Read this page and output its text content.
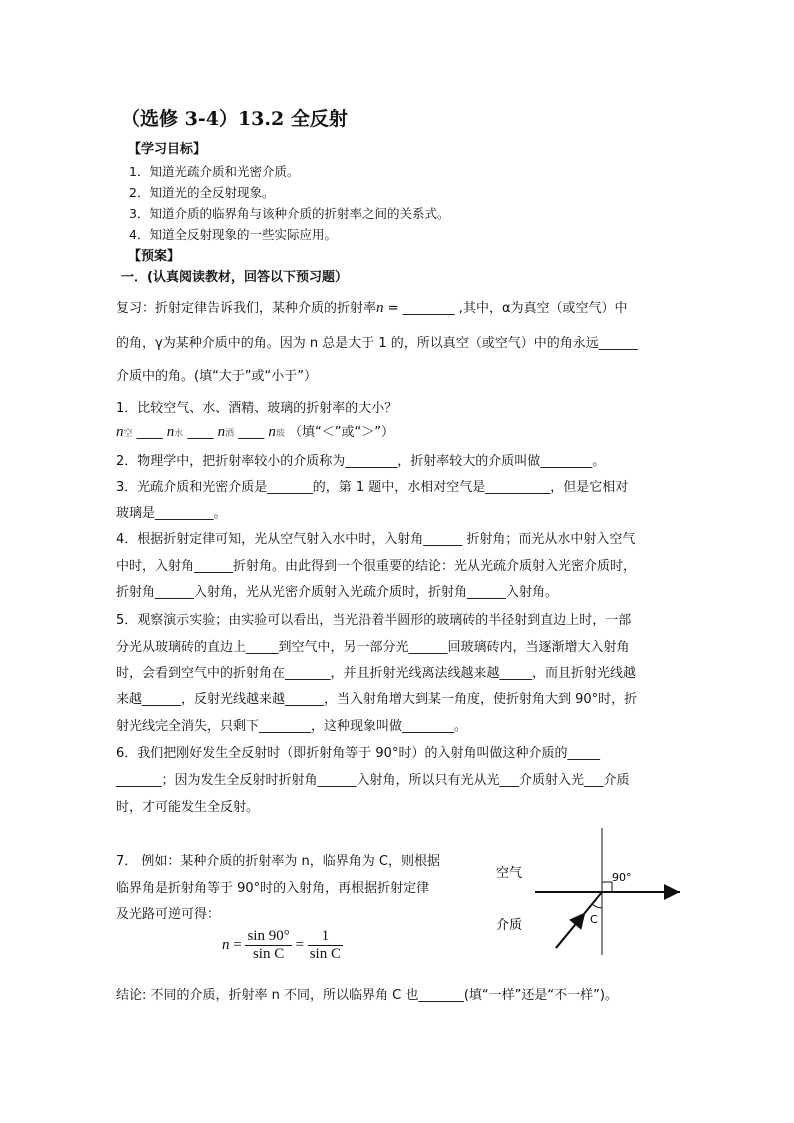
（选修 3-4）13.2 全反射
【学习目标】
1．知道光疏介质和光密介质。
2．知道光的全反射现象。
3．知道介质的临界角与该种介质的折射率之间的关系式。
4．知道全反射现象的一些实际应用。
【预案】
一．(认真阅读教材，回答以下预习题）
复习：折射定律告诉我们，某种介质的折射率n = ________ ,其中，α为真空（或空气）中
的角，γ为某种介质中的角。因为 n 总是大于 1 的，所以真空（或空气）中的角永远______
介质中的角。(填“大于”或“小于”）
1．比较空气、水、酒精、玻璃的折射率的大小？
n空 ____ n水 ____ n酒 ____ n玻 （填“＜”或“＞”）
2．物理学中，把折射率较小的介质称为________，折射率较大的介质叫做________。
3．光疏介质和光密介质是_______的，第 1 题中，水相对空气是__________，但是它相对
玻璃是_________。
4．根据折射定律可知，光从空气射入水中时，入射角______ 折射角；而光从水中射入空气
中时，入射角______折射角。由此得到一个很重要的结论：光从光疏介质射入光密介质时，
折射角______入射角，光从光密介质射入光疏介质时，折射角______入射角。
5．观察演示实验；由实验可以看出，当光沿着半圆形的玻璃砖的半径射到直边上时，一部
分光从玻璃砖的直边上_____到空气中，另一部分光______回玻璃砖内，当逐渐增大入射角
时，会看到空气中的折射角在_______，并且折射光线离法线越来越_____，而且折射光线越
来越______，反射光线越来越______，当入射角增大到某一角度，使折射角大到 90°时，折
射光线完全消失，只剩下________，这种现象叫做________。
6．我们把刚好发生全反射时（即折射角等于 90°时）的入射角叫做这种介质的_____
_______；因为发生全反射时折射角______入射角，所以只有光从光___介质射入光___介质
时，才可能发生全反射。
7． 例如：某种介质的折射率为 n，临界角为 C，则根据
临界角是折射角等于 90°时的入射角，再根据折射定律
及光路可逆可得：
$n = \frac{\sin 90^\circ}{\text{sin C}} = \frac{1}{\text{sin C}}$
空气
介质
90°
C
结论: 不同的介质，折射率 n 不同，所以临界角 C 也_______(填“一样”还是“不一样”)。
